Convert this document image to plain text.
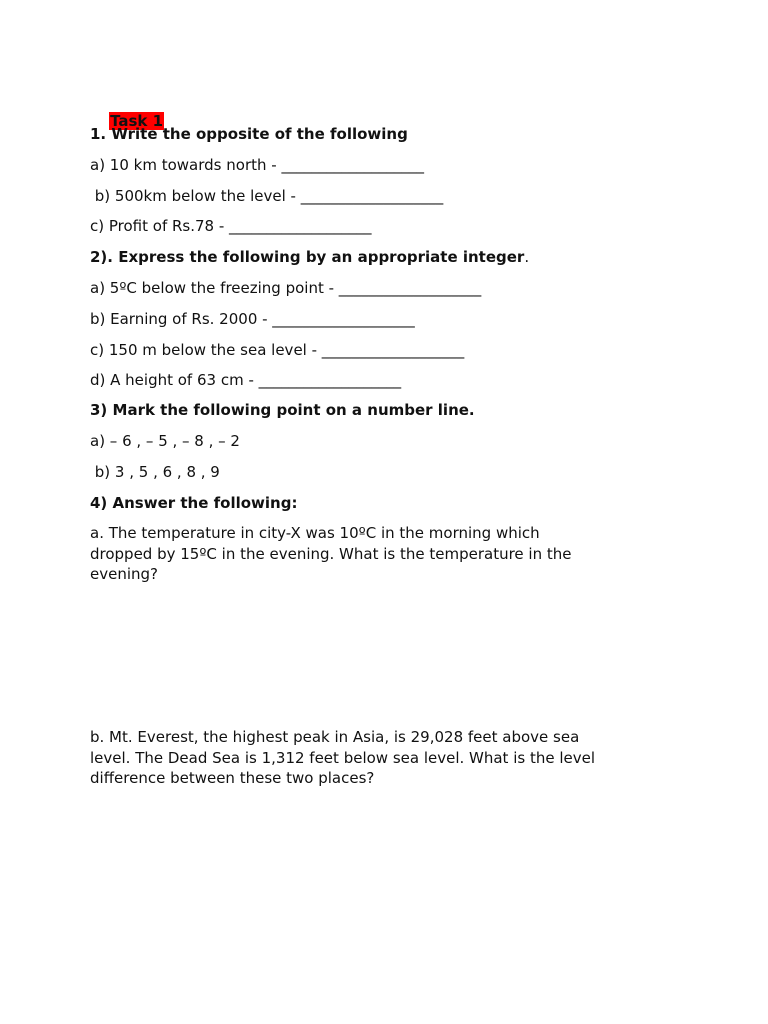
Task 1

1. Write the opposite of the following
a) 10 km towards north - ___________________
b) 500km below the level - ___________________
c) Profit of Rs.78 - ___________________
2). Express the following by an appropriate integer.
a) 5ºC below the freezing point - ___________________
b) Earning of Rs. 2000 - ___________________
c) 150 m below the sea level - ___________________
d) A height of 63 cm - ___________________
3) Mark the following point on a number line.
a) – 6 , – 5 , – 8 , – 2
b) 3 , 5 , 6 , 8 , 9
4) Answer the following:
a. The temperature in city-X was 10ºC in the morning which dropped by 15ºC in the evening. What is the temperature in the evening?
b. Mt. Everest, the highest peak in Asia, is 29,028 feet above sea level. The Dead Sea is 1,312 feet below sea level. What is the level difference between these two places?
